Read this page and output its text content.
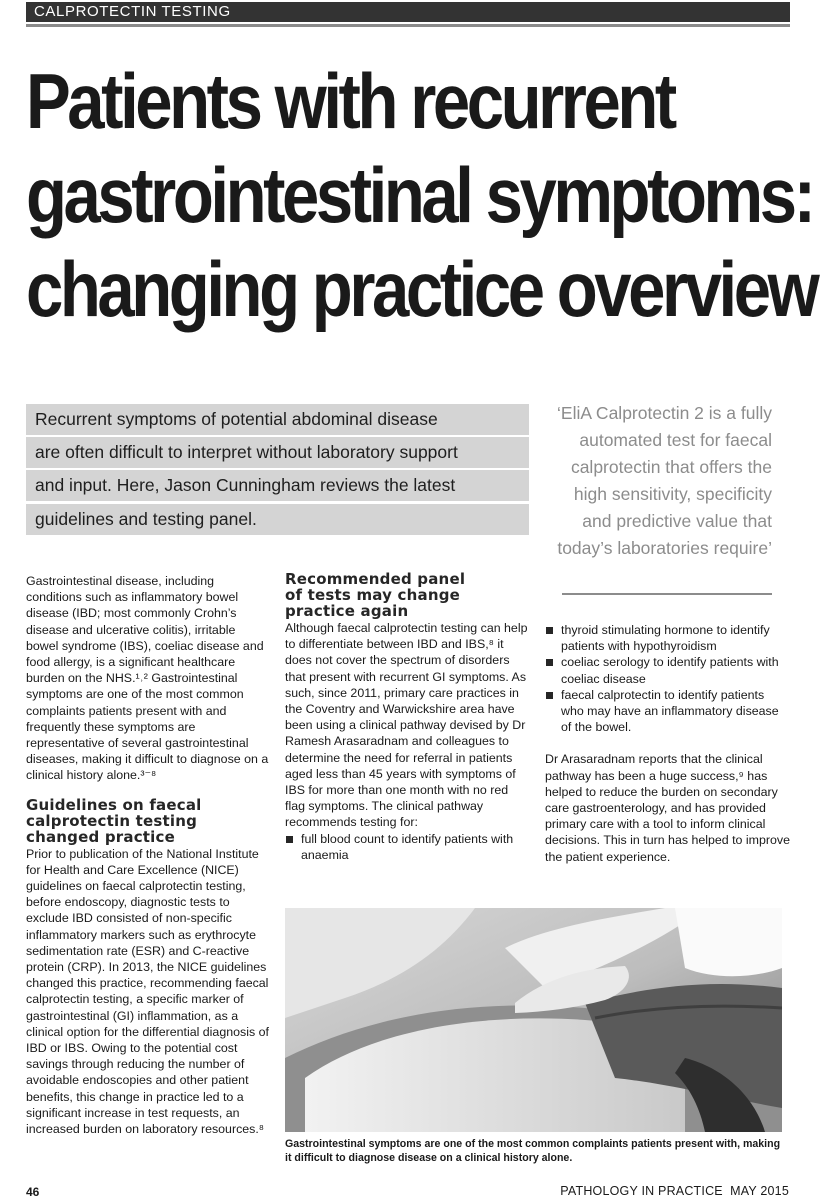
CALPROTECTIN TESTING
Patients with recurrent
gastrointestinal symptoms:
changing practice overview
Recurrent symptoms of potential abdominal disease
are often difficult to interpret without laboratory support
and input. Here, Jason Cunningham reviews the latest
guidelines and testing panel.
‘EliA Calprotectin 2 is a fully automated test for faecal calprotectin that offers the high sensitivity, specificity and predictive value that today’s laboratories require’

Gastrointestinal disease, including conditions such as inflammatory bowel disease (IBD; most commonly Crohn’s disease and ulcerative colitis), irritable bowel syndrome (IBS), coeliac disease and food allergy, is a significant healthcare burden on the NHS.¹˒² Gastrointestinal symptoms are one of the most common complaints patients present with and frequently these symptoms are representative of several gastrointestinal diseases, making it difficult to diagnose on a clinical history alone.³⁻⁸

Guidelines on faecal calprotectin testing changed practice

Prior to publication of the National Institute for Health and Care Excellence (NICE) guidelines on faecal calprotectin testing, before endoscopy, diagnostic tests to exclude IBD consisted of non-specific inflammatory markers such as erythrocyte sedimentation rate (ESR) and C-reactive protein (CRP). In 2013, the NICE guidelines changed this practice, recommending faecal calprotectin testing, a specific marker of gastrointestinal (GI) inflammation, as a clinical option for the differential diagnosis of IBD or IBS. Owing to the potential cost savings through reducing the number of avoidable endoscopies and other patient benefits, this change in practice led to a significant increase in test requests, an increased burden on laboratory resources.⁸

Recommended panel of tests may change practice again

Although faecal calprotectin testing can help to differentiate between IBD and IBS,⁸ it does not cover the spectrum of disorders that present with recurrent GI symptoms. As such, since 2011, primary care practices in the Coventry and Warwickshire area have been using a clinical pathway devised by Dr Ramesh Arasaradnam and colleagues to determine the need for referral in patients aged less than 45 years with symptoms of IBS for more than one month with no red flag symptoms. The clinical pathway recommends testing for:

full blood count to identify patients with anaemia
thyroid stimulating hormone to identify patients with hypothyroidism
coeliac serology to identify patients with coeliac disease
faecal calprotectin to identify patients who may have an inflammatory disease of the bowel.

Dr Arasaradnam reports that the clinical pathway has been a huge success,⁹ has helped to reduce the burden on secondary care gastroenterology, and has provided primary care with a tool to inform clinical decisions. This in turn has helped to improve the patient experience.

Gastrointestinal symptoms are one of the most common complaints patients present with, making it difficult to diagnose disease on a clinical history alone.
46	PATHOLOGY IN PRACTICE  MAY 2015
